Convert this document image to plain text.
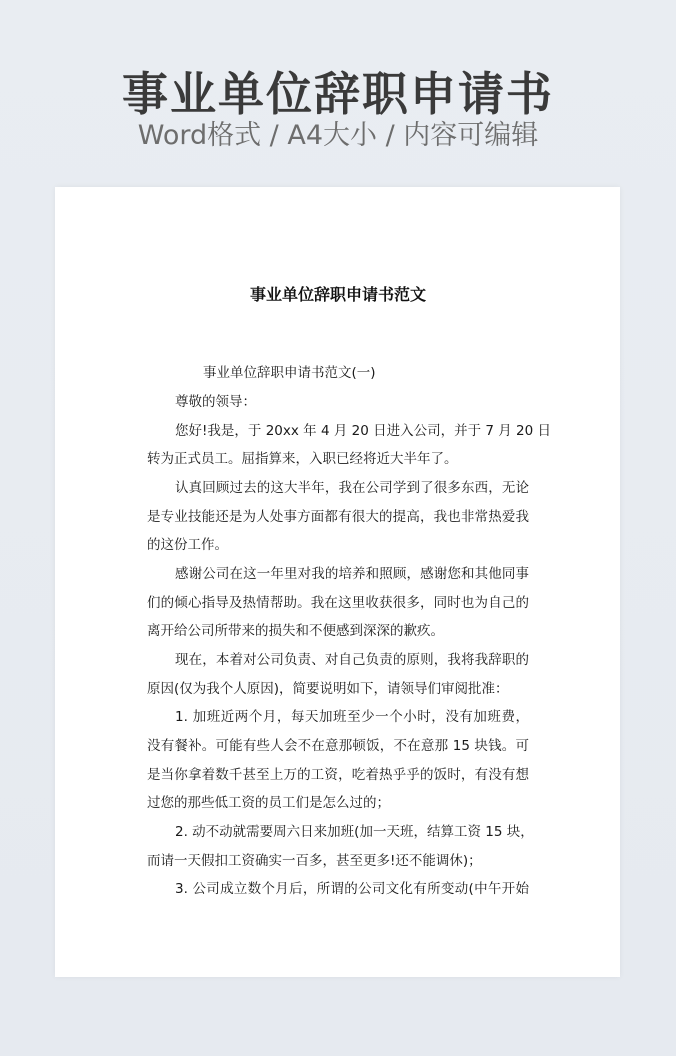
事业单位辞职申请书
Word格式 / A4大小 / 内容可编辑
事业单位辞职申请书范文
事业单位辞职申请书范文(一)
尊敬的领导：
您好!我是，于 20xx 年 4 月 20 日进入公司，并于 7 月 20 日
转为正式员工。屈指算来，入职已经将近大半年了。
认真回顾过去的这大半年，我在公司学到了很多东西，无论
是专业技能还是为人处事方面都有很大的提高，我也非常热爱我
的这份工作。
感谢公司在这一年里对我的培养和照顾，感谢您和其他同事
们的倾心指导及热情帮助。我在这里收获很多，同时也为自己的
离开给公司所带来的损失和不便感到深深的歉疚。
现在，本着对公司负责、对自己负责的原则，我将我辞职的
原因(仅为我个人原因)，简要说明如下，请领导们审阅批准：
1. 加班近两个月，每天加班至少一个小时，没有加班费，
没有餐补。可能有些人会不在意那顿饭，不在意那 15 块钱。可
是当你拿着数千甚至上万的工资，吃着热乎乎的饭时，有没有想
过您的那些低工资的员工们是怎么过的；
2. 动不动就需要周六日来加班(加一天班，结算工资 15 块，
而请一天假扣工资确实一百多，甚至更多!还不能调休)；
3. 公司成立数个月后，所谓的公司文化有所变动(中午开始
